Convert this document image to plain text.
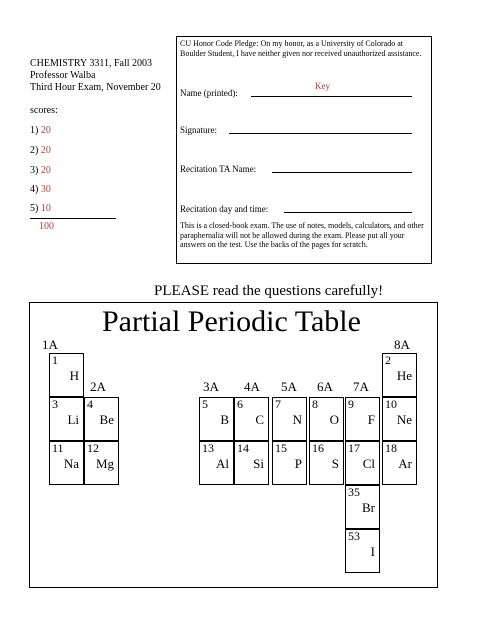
CHEMISTRY 3311, Fall 2003
Professor Walba
Third Hour Exam, November 20
scores:
1) 20
2) 20
3) 20
4) 30
5) 10
100
CU Honor Code Pledge: On my honor, as a University of Colorado at
Boulder Student, I have neither given nor received unauthorized assistance.
Name (printed):
Key
Signature:
Recitation TA Name:
Recitation day and time:
This is a closed-book exam. The use of notes, models, calculators, and other paraphernalia will not be allowed during the exam. Please put all your answers on the test. Use the backs of the pages for scratch.
PLEASE read the questions carefully!
Partial Periodic Table
1A	8A
2A	3A 4A 5A 6A 7A
1
H
2
He
3
Li
4
Be
5
B
6
C
7
N
8
O
9
F
10
Ne
11
Na
12
Mg
13
Al
14
Si
15
P
16
S
17
Cl
18
Ar
35
Br
53
I
